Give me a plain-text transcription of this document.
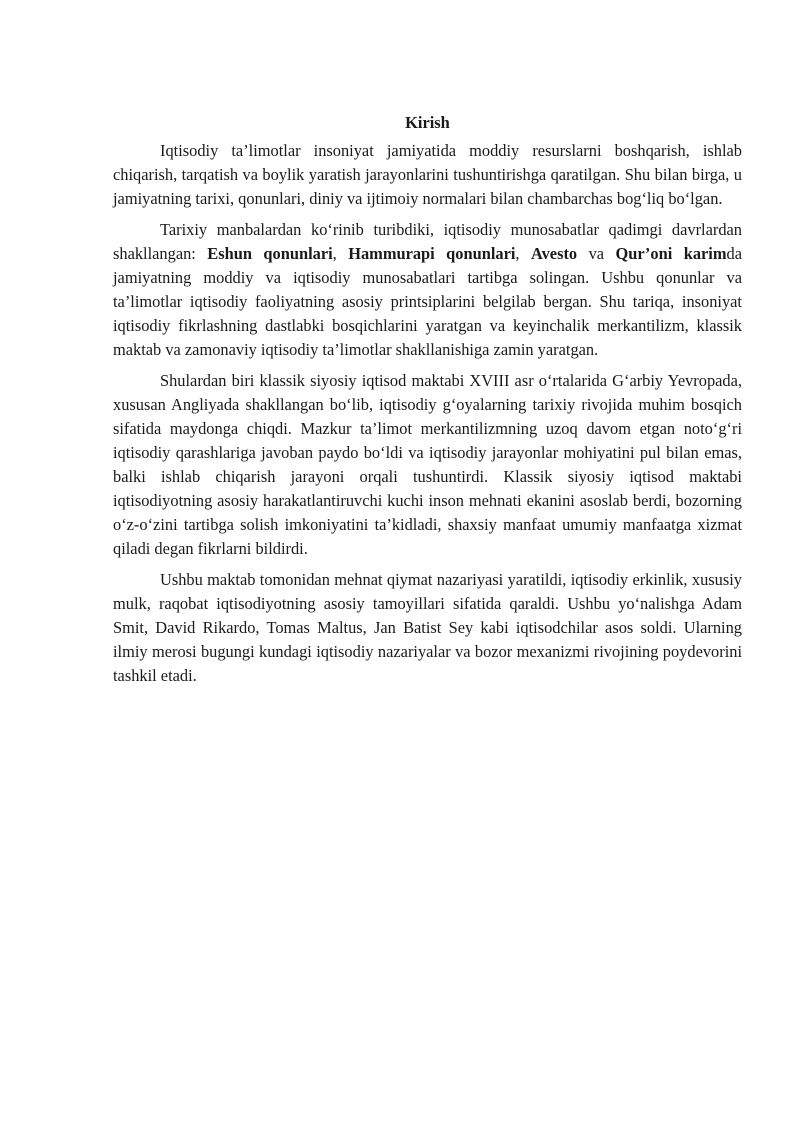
Kirish

Iqtisodiy ta’limotlar insoniyat jamiyatida moddiy resurslarni boshqarish, ishlab chiqarish, tarqatish va boylik yaratish jarayonlarini tushuntirishga qaratilgan. Shu bilan birga, u jamiyatning tarixi, qonunlari, diniy va ijtimoiy normalari bilan chambarchas bog‘liq bo‘lgan.

Tarixiy manbalardan ko‘rinib turibdiki, iqtisodiy munosabatlar qadimgi davrlardan shakllangan: Eshun qonunlari, Hammurapi qonunlari, Avesto va Qur’oni karimda jamiyatning moddiy va iqtisodiy munosabatlari tartibga solingan. Ushbu qonunlar va ta’limotlar iqtisodiy faoliyatning asosiy printsiplarini belgilab bergan. Shu tariqa, insoniyat iqtisodiy fikrlashning dastlabki bosqichlarini yaratgan va keyinchalik merkantilizm, klassik maktab va zamonaviy iqtisodiy ta’limotlar shakllanishiga zamin yaratgan.

Shulardan biri klassik siyosiy iqtisod maktabi XVIII asr o‘rtalarida G‘arbiy Yevropada, xususan Angliyada shakllangan bo‘lib, iqtisodiy g‘oyalarning tarixiy rivojida muhim bosqich sifatida maydonga chiqdi. Mazkur ta’limot merkantilizmning uzoq davom etgan noto‘g‘ri iqtisodiy qarashlariga javoban paydo bo‘ldi va iqtisodiy jarayonlar mohiyatini pul bilan emas, balki ishlab chiqarish jarayoni orqali tushuntirdi. Klassik siyosiy iqtisod maktabi iqtisodiyotning asosiy harakatlantiruvchi kuchi inson mehnati ekanini asoslab berdi, bozorning o‘z-o‘zini tartibga solish imkoniyatini ta’kidladi, shaxsiy manfaat umumiy manfaatga xizmat qiladi degan fikrlarni bildirdi.

Ushbu maktab tomonidan mehnat qiymat nazariyasi yaratildi, iqtisodiy erkinlik, xususiy mulk, raqobat iqtisodiyotning asosiy tamoyillari sifatida qaraldi. Ushbu yo‘nalishga Adam Smit, David Rikardo, Tomas Maltus, Jan Batist Sey kabi iqtisodchilar asos soldi. Ularning ilmiy merosi bugungi kundagi iqtisodiy nazariyalar va bozor mexanizmi rivojining poydevorini tashkil etadi.
